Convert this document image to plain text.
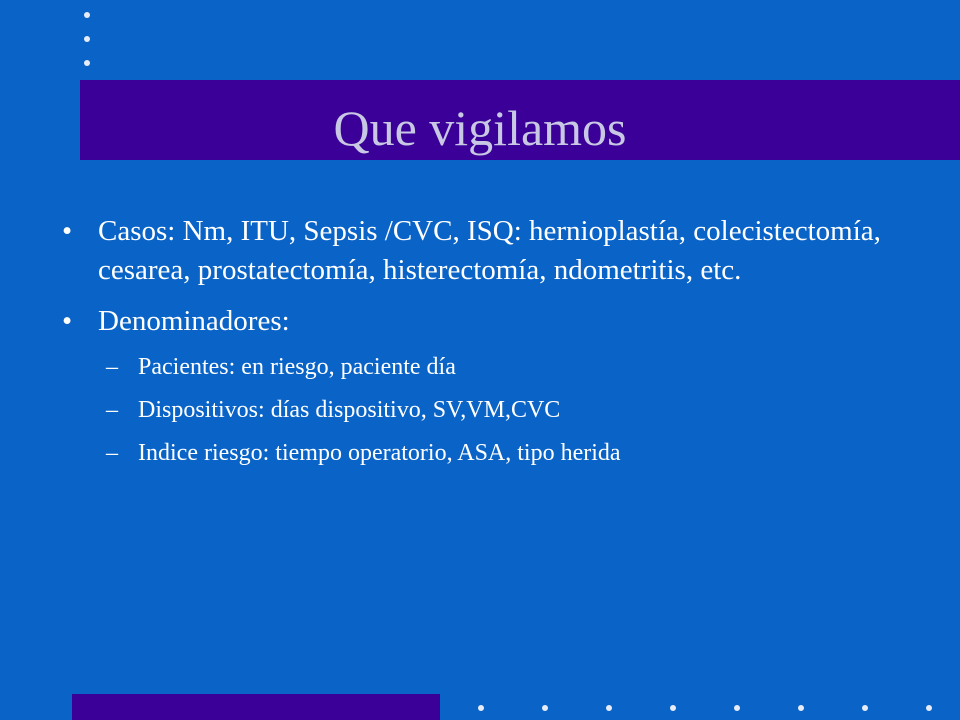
Que vigilamos
• Casos: Nm, ITU, Sepsis /CVC, ISQ: hernioplastía, colecistectomía, cesarea, prostatectomía, histerectomía, ndometritis, etc.
• Denominadores:
– Pacientes: en riesgo, paciente día
– Dispositivos: días dispositivo, SV,VM,CVC
– Indice riesgo: tiempo operatorio, ASA, tipo herida
